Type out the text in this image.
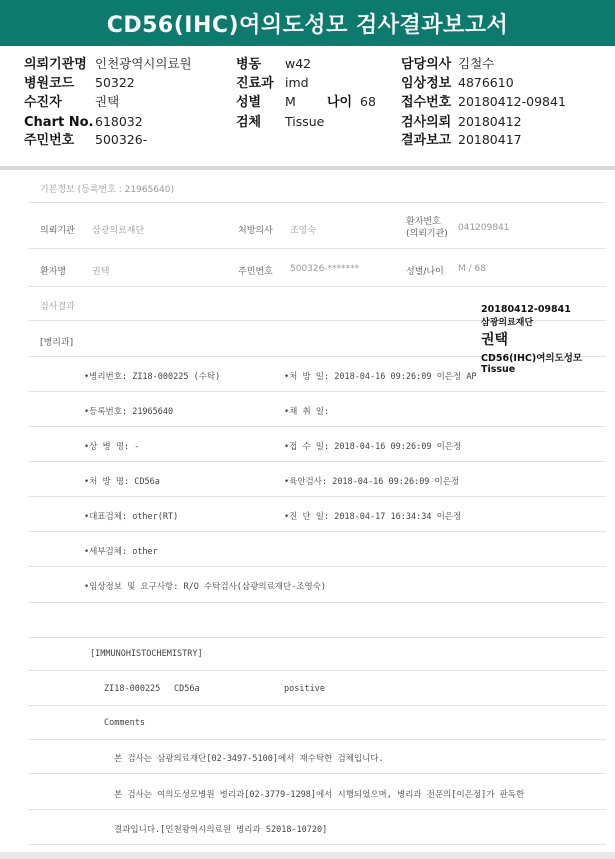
CD56(IHC)여의도성모 검사결과보고서
의뢰기관명 인천광역시의료원
병원코드 50322
수진자	권택
Chart No. 618032
주민번호 500326-
병동 w42
진료과 imd
성별 M 나이 68
검체 Tissue
담당의사 김철수
임상정보 4876610
접수번호 20180412-09841
검사의뢰 20180412
결과보고 20180417
기본정보 (등록번호 : 21965640)
의뢰기관 삼광의료재단	처방의사 조영숙
환자번호
(의뢰기관)
041209841
환자명	권택	주민번호 500326-*******	성별/나이 M / 68
검사결과
[병리과]
•병리번호: ZI18-000225 (수탁)	•처 방 일: 2018-04-16 09:26:09 이은정 AP
•등록번호: 21965640	•채 취 일:
•상 병 명: -	•접 수 일: 2018-04-16 09:26:09 이은정
•처 방 명: CD56a	•육안검사: 2018-04-16 09:26:09 이은정
•대표검체: other(RT)	•진 단 일: 2018-04-17 16:34:34 이은정
•세부검체: other
•임상정보 및 요구사항: R/O 수탁검사(삼광의료재단-조영숙)
[IMMUNOHISTOCHEMISTRY]
ZI18-000225 CD56a	positive
Comments
본 검사는 삼광의료재단[02-3497-5100]에서 재수탁한 검체입니다.
본 검사는 여의도성모병원 병리과[02-3779-1298]에서 시행되었으며, 병리과 전문의[이은정]가 판독한
결과입니다.[인천광역시의료원 병리과 S2018-10720]
20180412-09841
삼광의료재단
권택
CD56(IHC)여의도성모
Tissue
